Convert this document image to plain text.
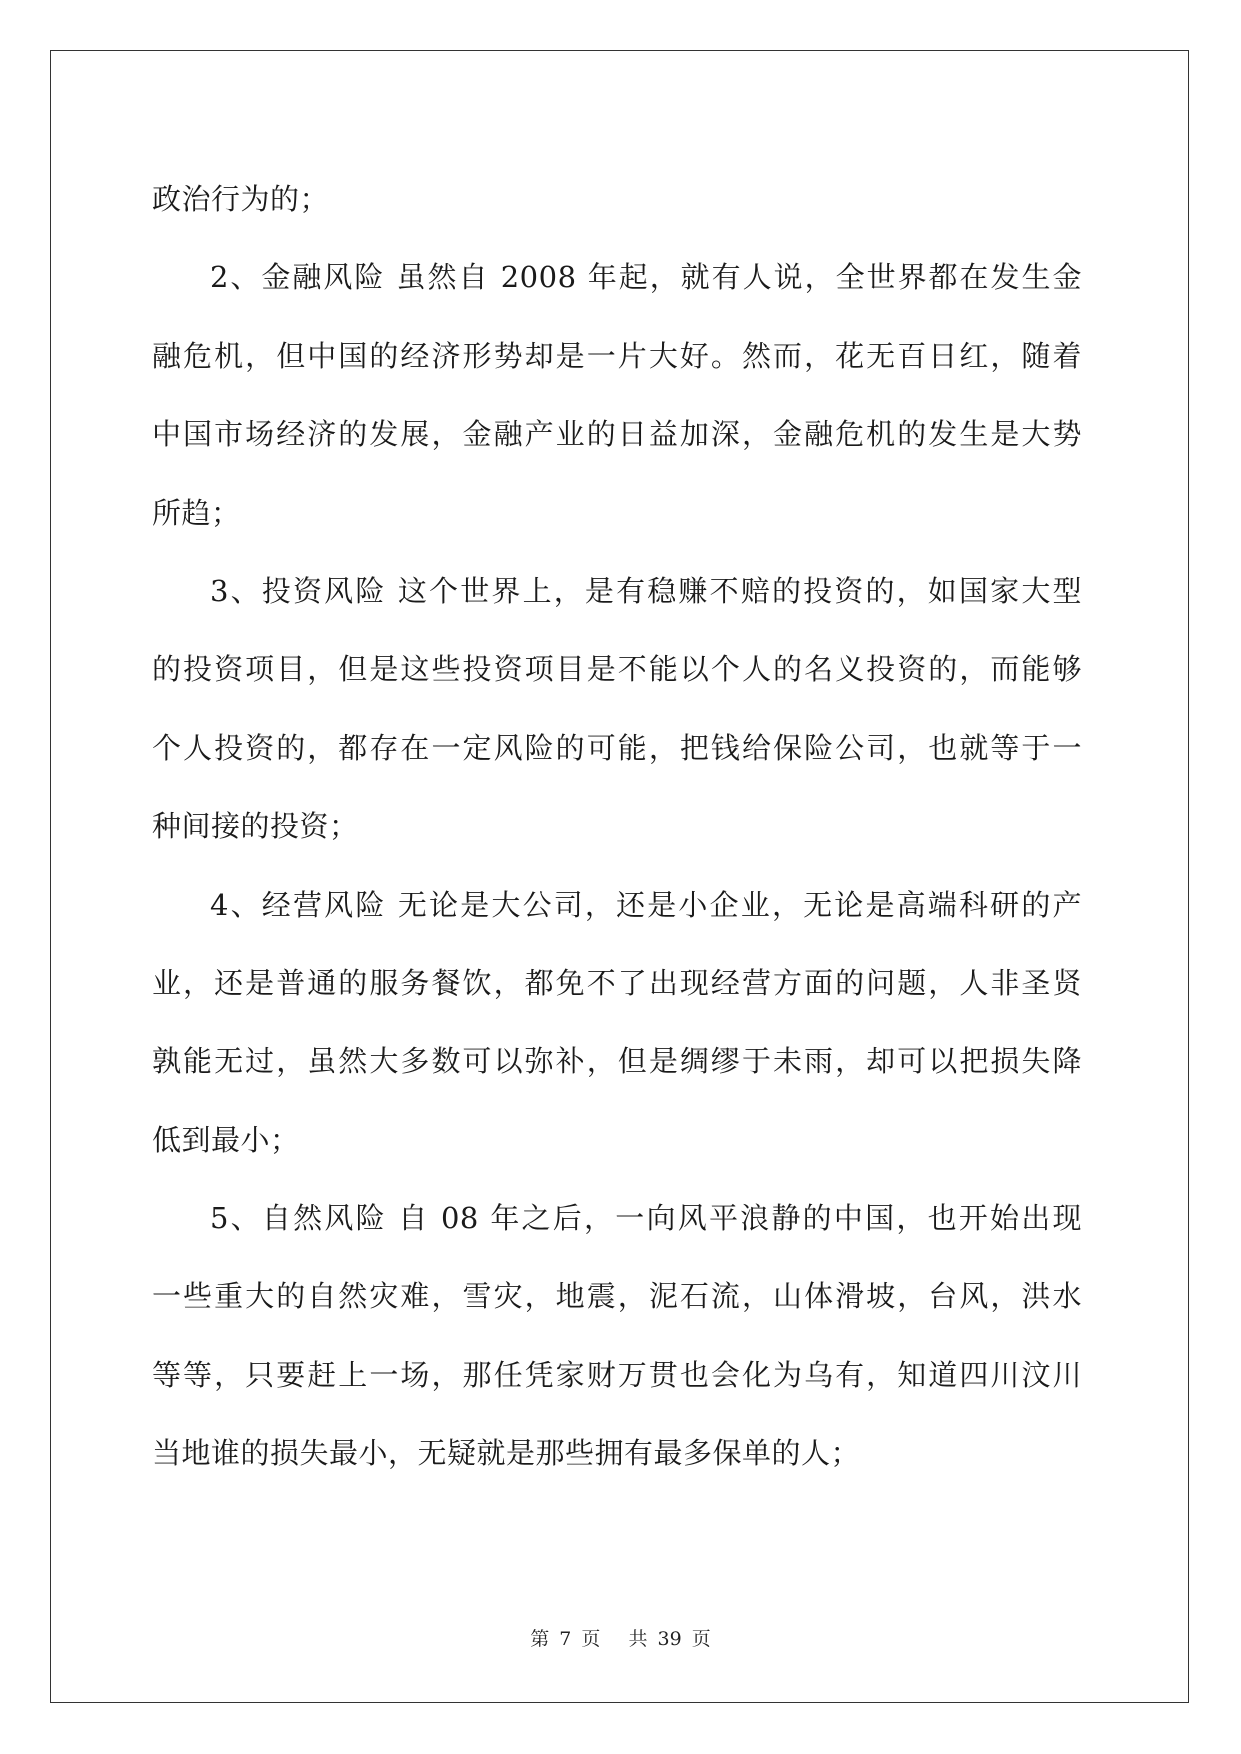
政治行为的；
2、金融风险 虽然自 2008 年起，就有人说，全世界都在发生金
融危机，但中国的经济形势却是一片大好。然而，花无百日红，随着
中国市场经济的发展，金融产业的日益加深，金融危机的发生是大势
所趋；
3、投资风险 这个世界上，是有稳赚不赔的投资的，如国家大型
的投资项目，但是这些投资项目是不能以个人的名义投资的，而能够
个人投资的，都存在一定风险的可能，把钱给保险公司，也就等于一
种间接的投资；
4、经营风险 无论是大公司，还是小企业，无论是高端科研的产
业，还是普通的服务餐饮，都免不了出现经营方面的问题，人非圣贤
孰能无过，虽然大多数可以弥补，但是绸缪于未雨，却可以把损失降
低到最小；
5、自然风险 自 08 年之后，一向风平浪静的中国，也开始出现
一些重大的自然灾难，雪灾，地震，泥石流，山体滑坡，台风，洪水
等等，只要赶上一场，那任凭家财万贯也会化为乌有，知道四川汶川
当地谁的损失最小，无疑就是那些拥有最多保单的人；
第 7 页 共 39 页
